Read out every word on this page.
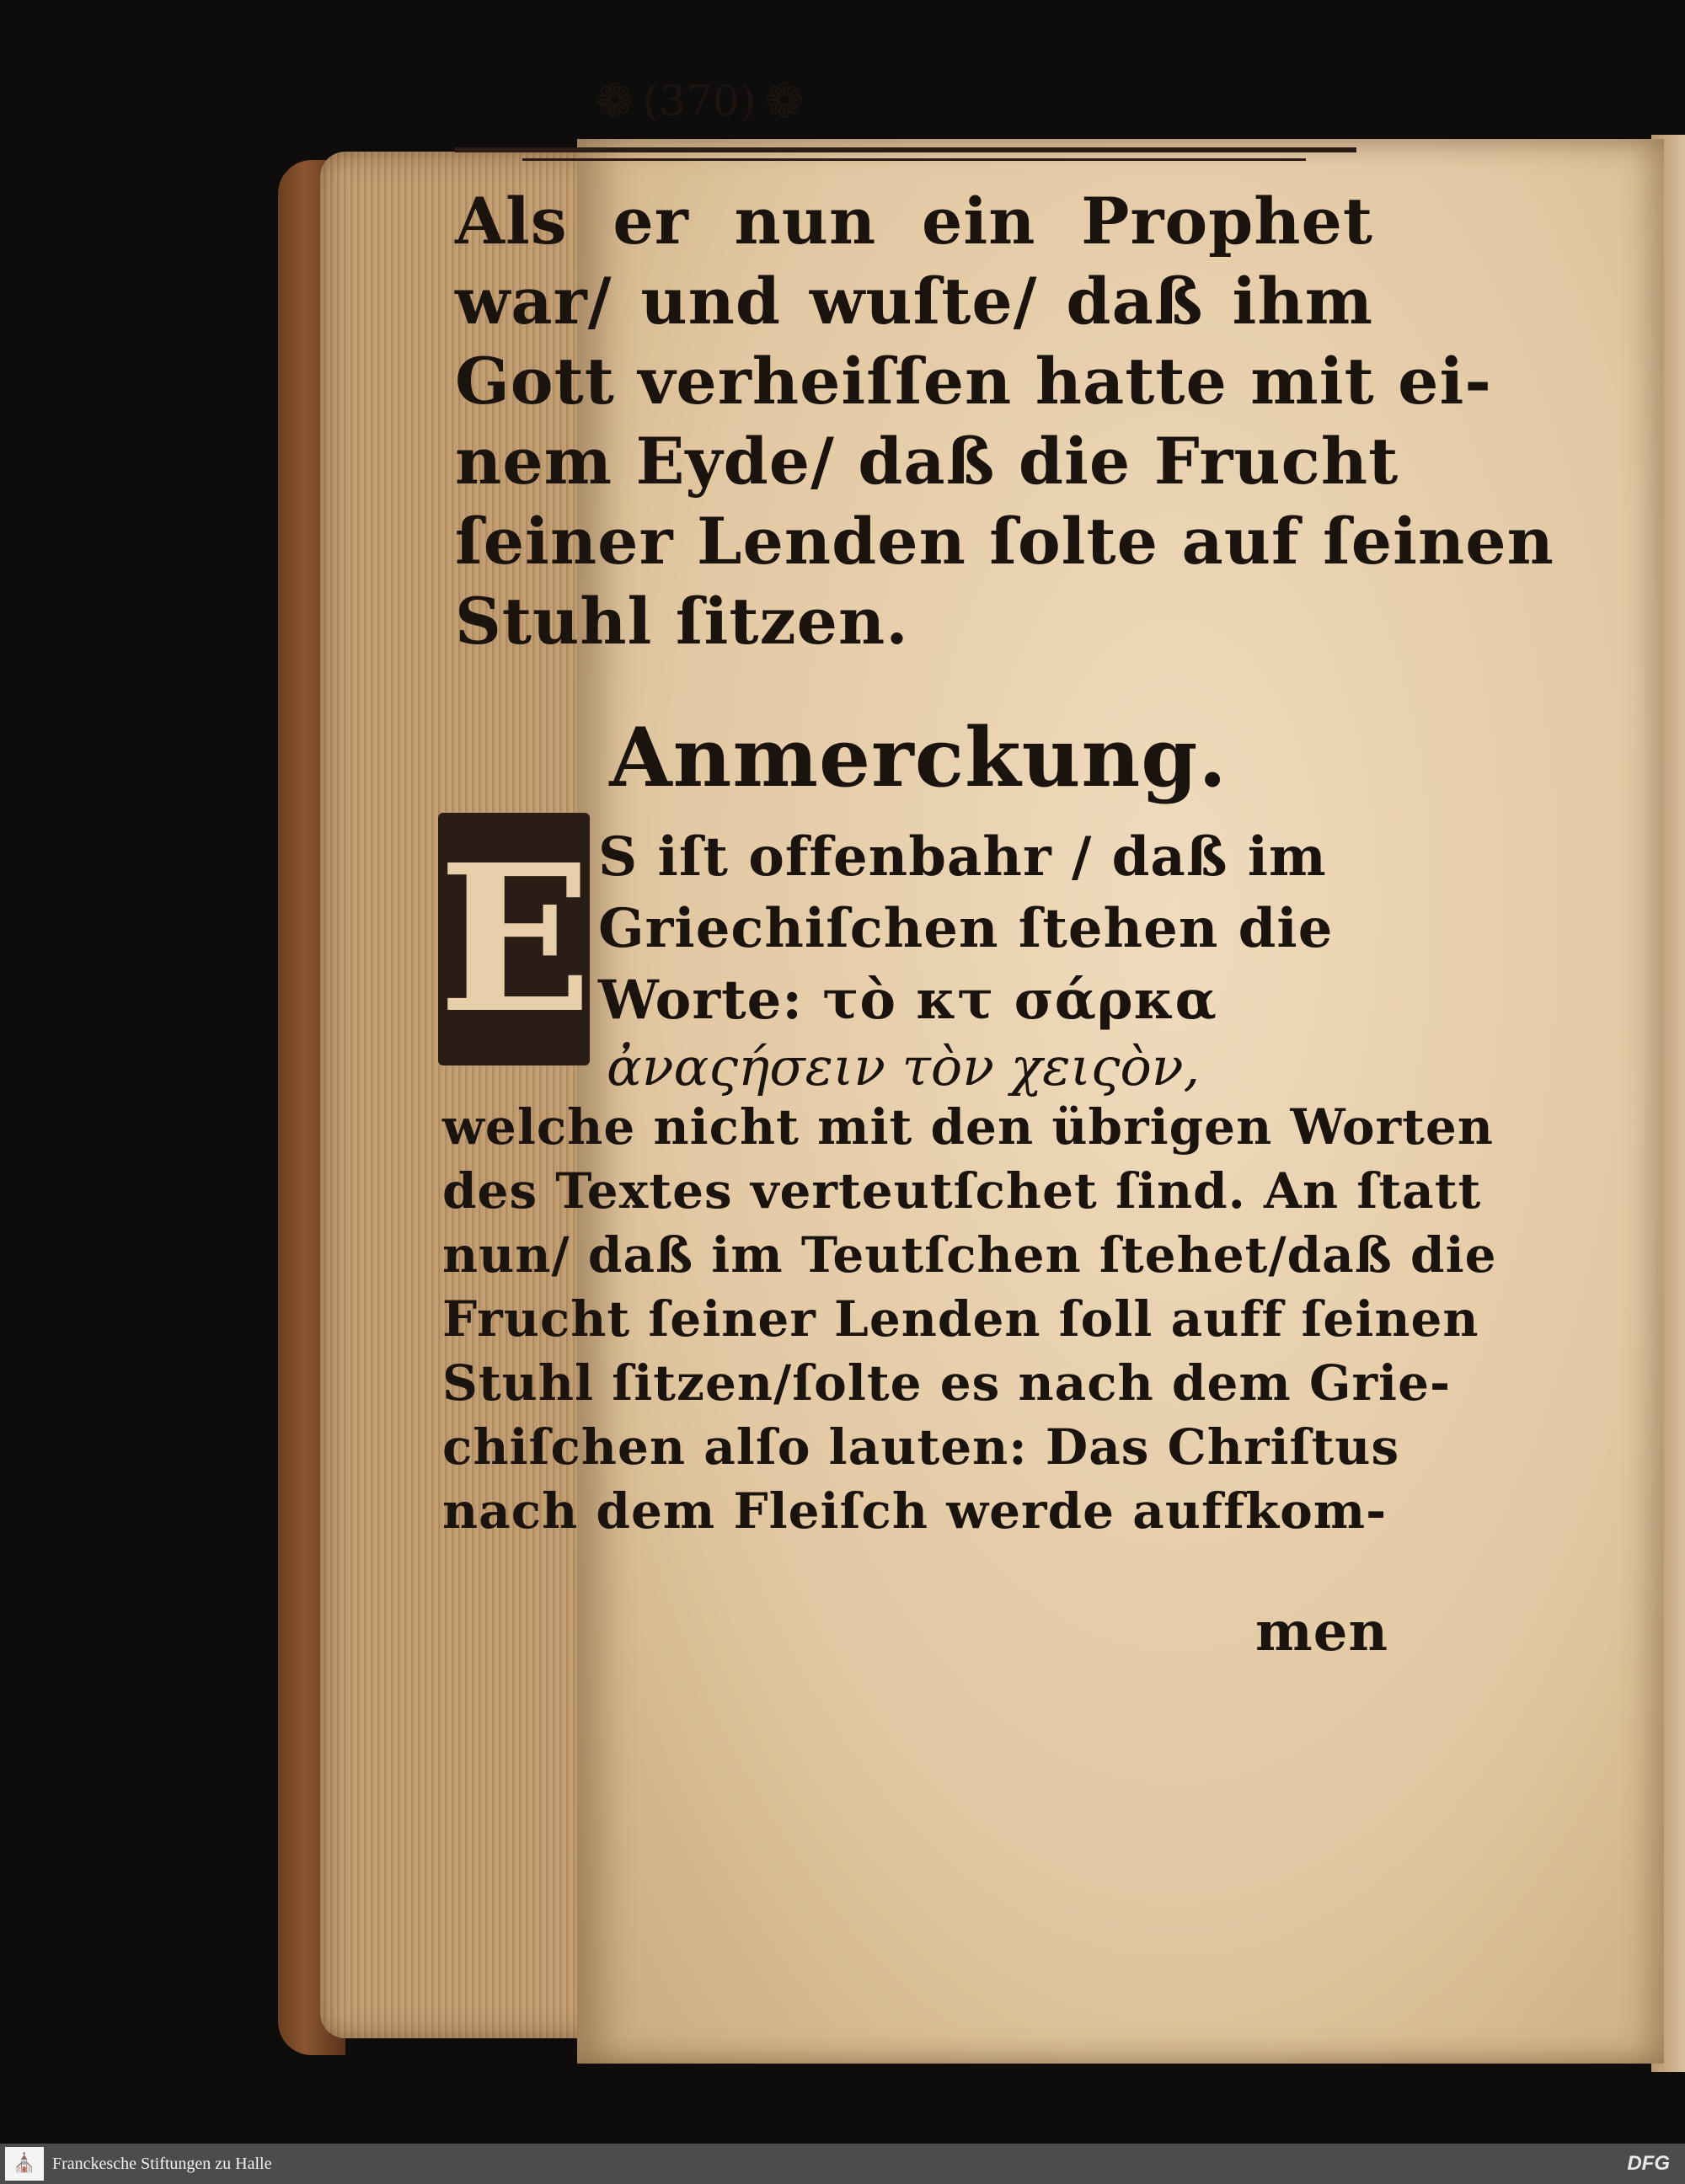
❁ (370) ❁
Als er nun ein Prophet
war/ und wuſte/ daß ihm
Gott verheiſſen hatte mit ei-
nem Eyde/ daß die Frucht
ſeiner Lenden ſolte auf ſeinen
Stuhl ſitzen.
Anmerckung.
E S iſt offenbahr / daß im
Griechiſchen ſtehen die
Worte: τὸ κτ σάρκα
ἀναςήσειν τὸν χειςὸν,
welche nicht mit den übrigen Worten
des Textes verteutſchet ſind. An ſtatt
nun/ daß im Teutſchen ſtehet/daß die
Frucht ſeiner Lenden ſoll auff ſeinen
Stuhl ſitzen/ſolte es nach dem Grie-
chiſchen alſo lauten: Das Chriſtus
nach dem Fleiſch werde auffkom-
men
⛪ Franckesche Stiftungen zu Halle	DFG
